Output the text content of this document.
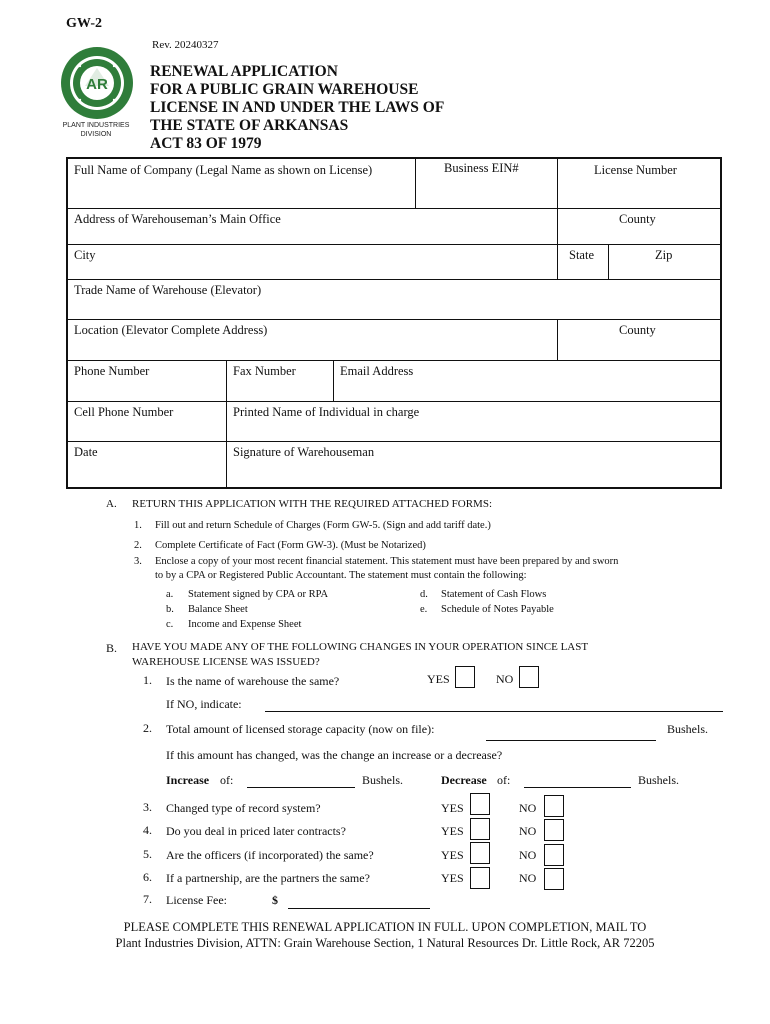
GW-2
Rev. 20240327
AR
PLANT INDUSTRIES
DIVISION
RENEWAL APPLICATION
FOR A PUBLIC GRAIN WAREHOUSE
LICENSE IN AND UNDER THE LAWS OF
THE STATE OF ARKANSAS
ACT 83 OF 1979
Full Name of Company (Legal Name as shown on License)	Business EIN#	License Number
Address of Warehouseman’s Main Office	County
City	State	Zip
Trade Name of Warehouse (Elevator)
Location (Elevator Complete Address)	County
Phone Number	Fax Number	Email Address
Cell Phone Number	Printed Name of Individual in charge
Date	Signature of Warehouseman
A. RETURN THIS APPLICATION WITH THE REQUIRED ATTACHED FORMS:
1. Fill out and return Schedule of Charges (Form GW-5. (Sign and add tariff date.)
2. Complete Certificate of Fact (Form GW-3). (Must be Notarized)
3. Enclose a copy of your most recent financial statement. This statement must have been prepared by and sworn
to by a CPA or Registered Public Accountant. The statement must contain the following:
a. Statement signed by CPA or RPA
b. Balance Sheet
c. Income and Expense Sheet
d. Statement of Cash Flows
e. Schedule of Notes Payable
B. HAVE YOU MADE ANY OF THE FOLLOWING CHANGES IN YOUR OPERATION SINCE LAST
WAREHOUSE LICENSE WAS ISSUED?
1. Is the name of warehouse the same?	YES	NO
If NO, indicate:
2. Total amount of licensed storage capacity (now on file):	Bushels.
If this amount has changed, was the change an increase or a decrease?
Increase of:	Bushels.	Decrease of:	Bushels.
3. Changed type of record system?	YES	NO
4. Do you deal in priced later contracts?	YES	NO
5. Are the officers (if incorporated) the same?	YES	NO
6. If a partnership, are the partners the same?	YES	NO
7. License Fee:	$
PLEASE COMPLETE THIS RENEWAL APPLICATION IN FULL. UPON COMPLETION, MAIL TO
Plant Industries Division, ATTN: Grain Warehouse Section, 1 Natural Resources Dr. Little Rock, AR 72205
